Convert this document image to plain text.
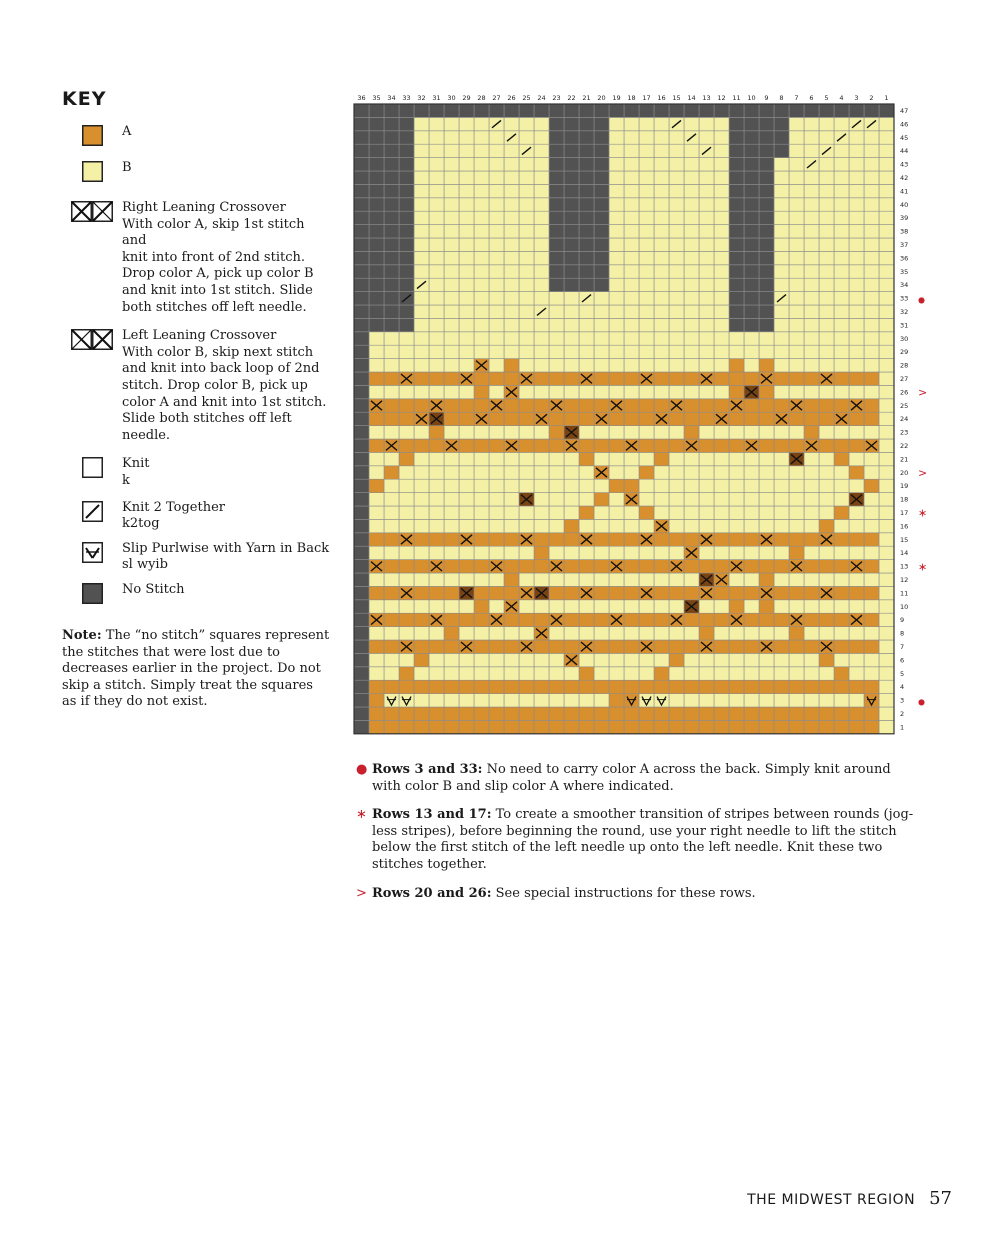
KEY
A
B
Right Leaning Crossover
With color A, skip 1st stitch and
knit into front of 2nd stitch.
Drop color A, pick up color B
and knit into 1st stitch. Slide
both stitches off left needle.
Left Leaning Crossover
With color B, skip next stitch
and knit into back loop of 2nd
stitch. Drop color B, pick up
color A and knit into 1st stitch.
Slide both stitches off left
needle.
Knit
k
Knit 2 Together
k2tog
Slip Purlwise with Yarn in Back
sl wyib
No Stitch
Note: The “no stitch” squares represent the stitches that were lost due to decreases earlier in the project. Do not skip a stitch. Simply treat the squares as if they do not exist.
36 35 34 33 32 31 30 29 28 27 26 25 24 23 22 21 20 19 18 17 16 15 14 13 12 11 10 9 8 7 6 5 4 3 2 1
47
46
45
44
43
42
41
40
39
38
37
36
35
34
33
32
31
30
29
28
27
26
25
24
23
22
21
20
19
18
17
16
15
14
13
12
11
10
9
8
7
6
5
4
3
2
1
●
>
>
∗
∗
●
● Rows 3 and 33: No need to carry color A across the back. Simply knit around with color B and slip color A where indicated.
∗ Rows 13 and 17: To create a smoother transition of stripes between rounds (jog-less stripes), before beginning the round, use your right needle to lift the stitch below the first stitch of the left needle up onto the left needle. Knit these two stitches together.
> Rows 20 and 26: See special instructions for these rows.
THE MIDWEST REGION 57
